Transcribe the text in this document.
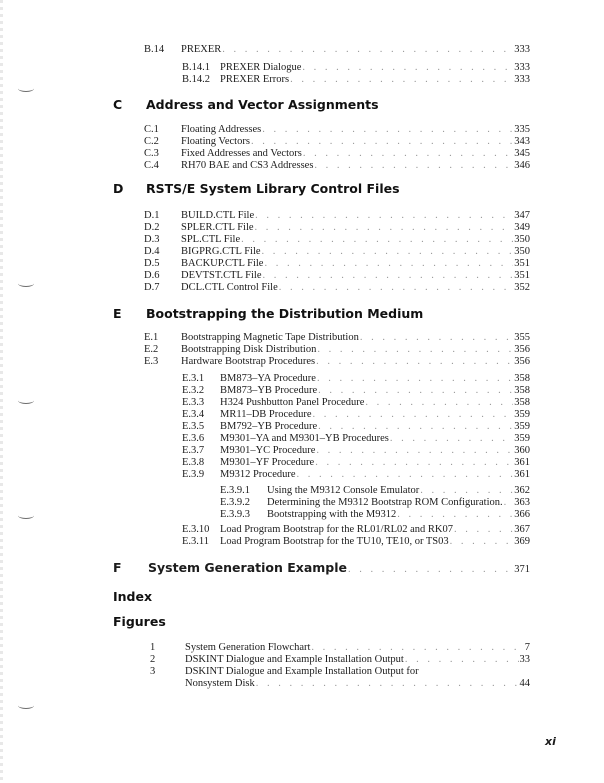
B.14	PREXER . . .	333
B.14.1 PREXER Dialogue . . .	333
B.14.2 PREXER Errors . . .	333
C Address and Vector Assignments
C.1	Floating Addresses . . .	335
C.2	Floating Vectors . . .	343
C.3	Fixed Addresses and Vectors . . .	345
C.4	RH70 BAE and CS3 Addresses . . .	346
D RSTS/E System Library Control Files
D.1	BUILD.CTL File . . .	347
D.2	SPLER.CTL File . . .	349
D.3	SPL.CTL File . . .	350
D.4	BIGPRG.CTL File . . .	350
D.5	BACKUP.CTL File . . .	351
D.6	DEVTST.CTL File . . .	351
D.7	DCL.CTL Control File . . .	352
E Bootstrapping the Distribution Medium
E.1	Bootstrapping Magnetic Tape Distribution . . .	355
E.2	Bootstrapping Disk Distribution . . .	356
E.3	Hardware Bootstrap Procedures . . .	356
E.3.1	BM873–YA Procedure . . .	358
E.3.2	BM873–YB Procedure . . .	358
E.3.3	H324 Pushbutton Panel Procedure . . .	358
E.3.4	MR11–DB Procedure . . .	359
E.3.5	BM792–YB Procedure . . .	359
E.3.6	M9301–YA and M9301–YB Procedures . . .	359
E.3.7	M9301–YC Procedure . . .	360
E.3.8	M9301–YF Procedure . . .	361
E.3.9	M9312 Procedure . . .	361
E.3.9.1	Using the M9312 Console Emulator . . .	362
E.3.9.2	Determining the M9312 Bootstrap ROM Configuration. . . . 363
E.3.9.3	Bootstrapping with the M9312 . . .	366
E.3.10	Load Program Bootstrap for the RL01/RL02 and RK07 . . .	367
E.3.11	Load Program Bootstrap for the TU10, TE10, or TS03 . . .	369
F	System Generation Example . . .	371
Index
Figures
1	System Generation Flowchart . . .	7
2	DSKINT Dialogue and Example Installation Output . . .	33
3	DSKINT Dialogue and Example Installation Output for
Nonsystem Disk . . .	44
xi
